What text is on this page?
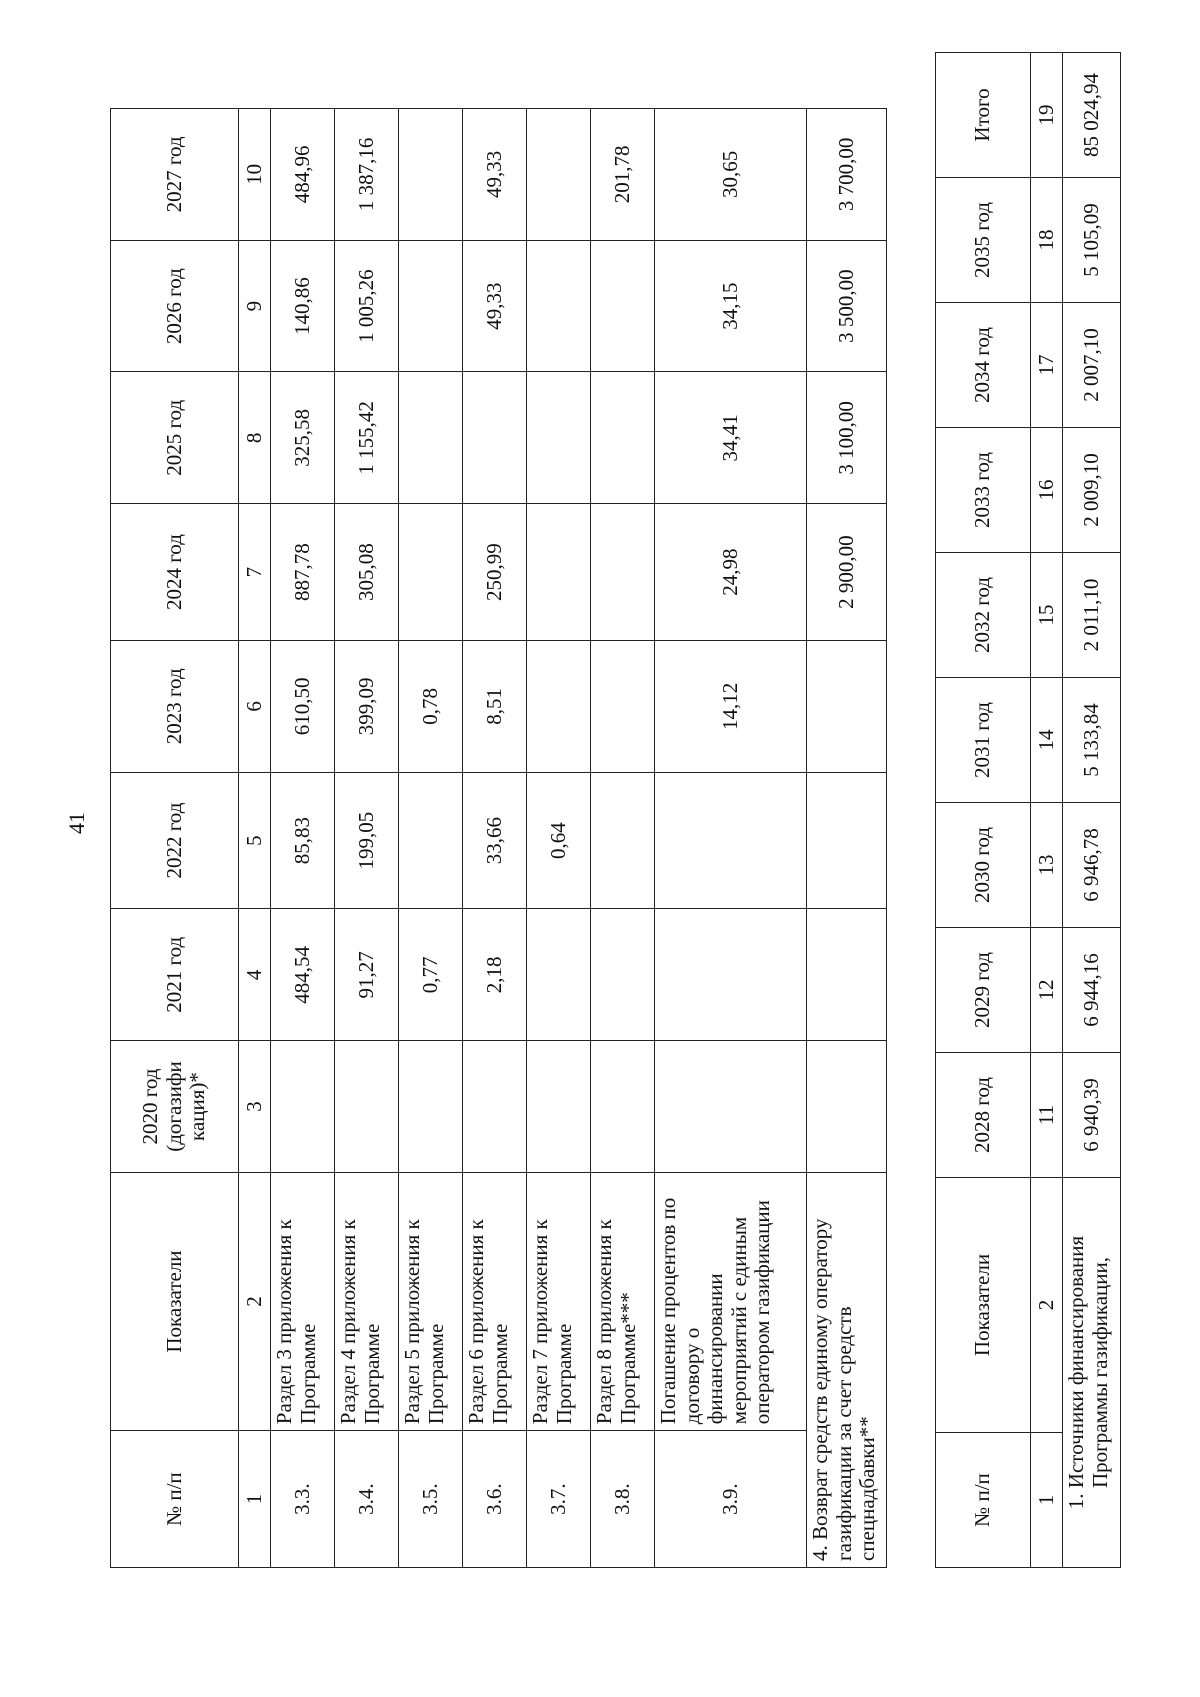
41
№ п/п	Показатели	2020 год (догазифи кация)*	2021 год	2022 год	2023 год	2024 год	2025 год	2026 год	2027 год
1	2	3	4	5	6	7	8	9	10
3.3.	Раздел 3 приложения к Программе		484,54	85,83	610,50	887,78	325,58	140,86	484,96
3.4.	Раздел 4 приложения к Программе		91,27	199,05	399,09	305,08	1 155,42	1 005,26	1 387,16
3.5.	Раздел 5 приложения к Программе		0,77		0,78				
3.6.	Раздел 6 приложения к Программе		2,18	33,66	8,51	250,99		49,33	49,33
3.7.	Раздел 7 приложения к Программе			0,64					
3.8.	Раздел 8 приложения к Программе***								201,78
3.9.	Погашение процентов по договору о финансировании мероприятий с единым оператором газификации				14,12	24,98	34,41	34,15	30,65
4. Возврат средств единому оператору газификации за счет средств спецнадбавки**						2 900,00	3 100,00	3 500,00	3 700,00
№ п/п	Показатели	2028 год	2029 год	2030 год	2031 год	2032 год	2033 год	2034 год	2035 год	Итого
1	2	11	12	13	14	15	16	17	18	19
1. Источники финансирования Программы газификации,		6 940,39	6 944,16	6 946,78	5 133,84	2 011,10	2 009,10	2 007,10	5 105,09	85 024,94
